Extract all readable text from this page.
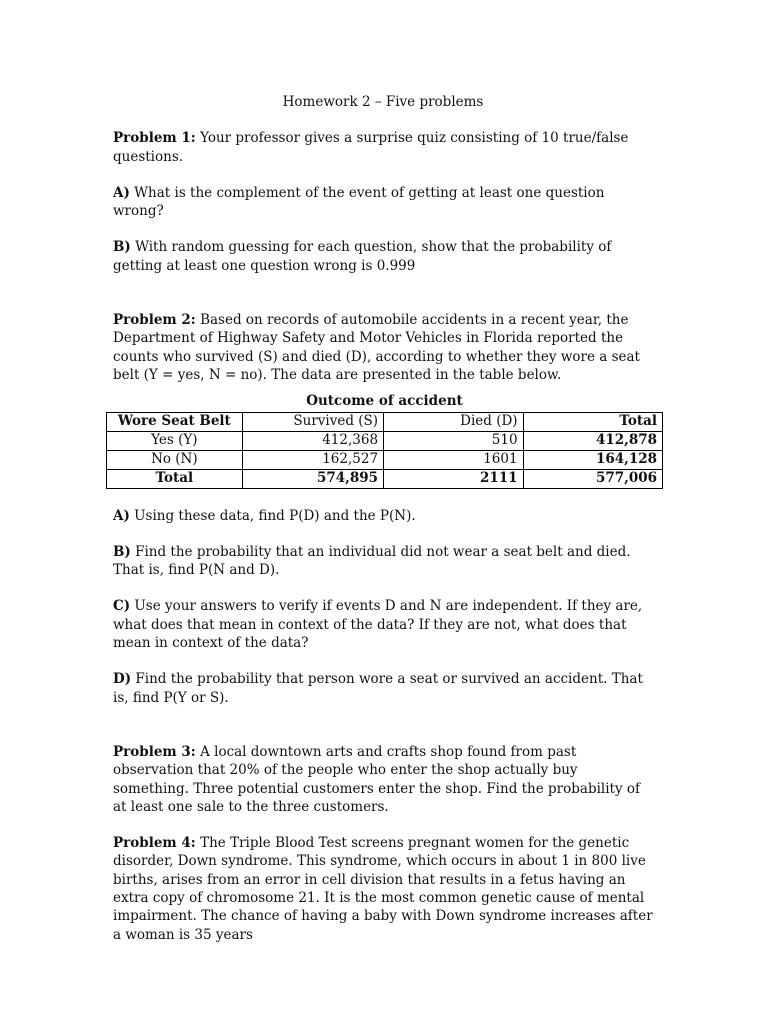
Homework 2 – Five problems

Problem 1: Your professor gives a surprise quiz consisting of 10 true/false questions.

A) What is the complement of the event of getting at least one question wrong?

B) With random guessing for each question, show that the probability of getting at least one question wrong is 0.999

Problem 2: Based on records of automobile accidents in a recent year, the Department of Highway Safety and Motor Vehicles in Florida reported the counts who survived (S) and died (D), according to whether they wore a seat belt (Y = yes, N = no). The data are presented in the table below.

Outcome of accident
Wore Seat Belt	Survived (S)	Died (D)	Total
Yes (Y)	412,368	510	412,878
No (N)	162,527	1601	164,128
Total	574,895	2111	577,006

A) Using these data, find P(D) and the P(N).

B) Find the probability that an individual did not wear a seat belt and died. That is, find P(N and D).

C) Use your answers to verify if events D and N are independent. If they are, what does that mean in context of the data? If they are not, what does that mean in context of the data?

D) Find the probability that person wore a seat or survived an accident. That is, find P(Y or S).

Problem 3: A local downtown arts and crafts shop found from past observation that 20% of the people who enter the shop actually buy something. Three potential customers enter the shop. Find the probability of at least one sale to the three customers.

Problem 4: The Triple Blood Test screens pregnant women for the genetic disorder, Down syndrome. This syndrome, which occurs in about 1 in 800 live births, arises from an error in cell division that results in a fetus having an extra copy of chromosome 21. It is the most common genetic cause of mental impairment. The chance of having a baby with Down syndrome increases after a woman is 35 years
